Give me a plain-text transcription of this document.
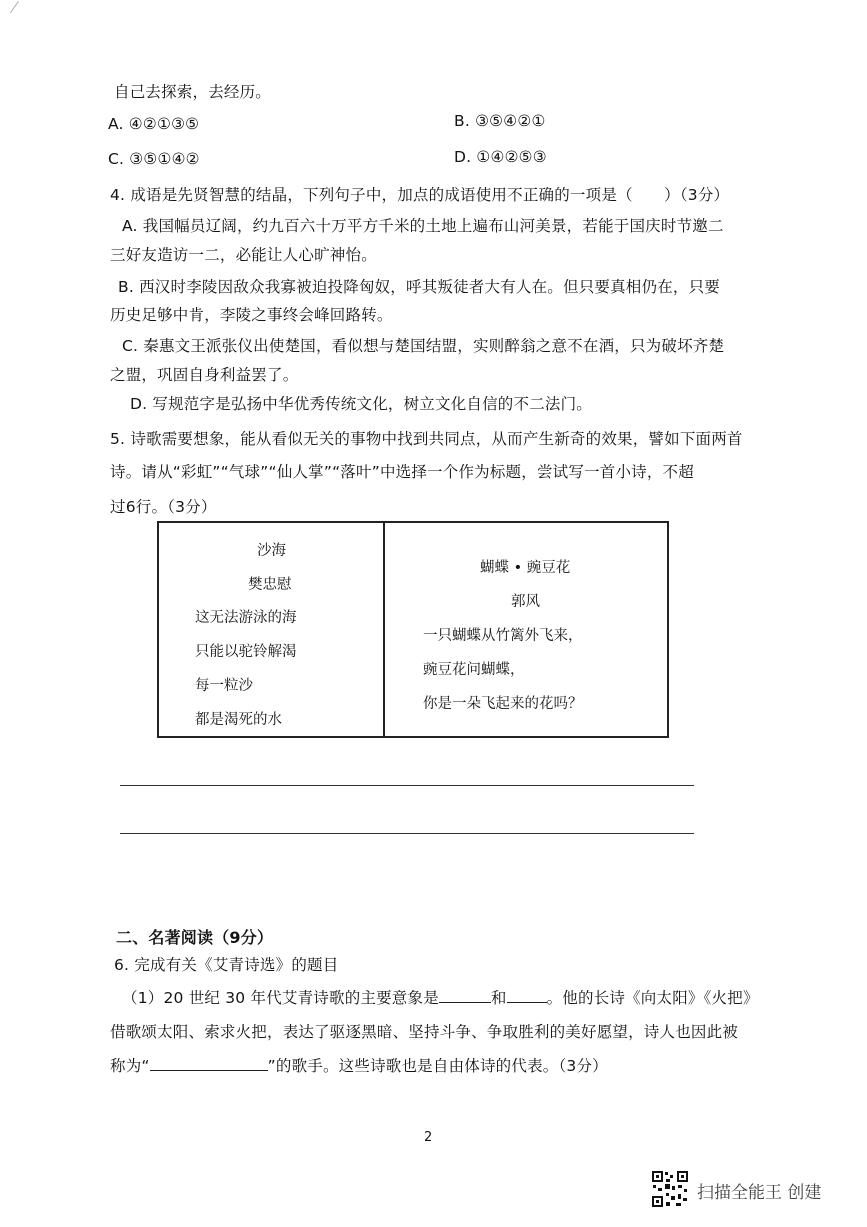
自己去探索，去经历。
A. ④②①③⑤	B. ③⑤④②①
C. ③⑤①④②	D. ①④②⑤③
4. 成语是先贤智慧的结晶，下列句子中，加点的成语使用不正确的一项是（　　）（3分）
A. 我国幅员辽阔，约九百六十万平方千米的土地上遍布山河美景，若能于国庆时节邀二
三好友造访一二，必能让人心旷神怡。
B. 西汉时李陵因敌众我寡被迫投降匈奴，呼其叛徒者大有人在。但只要真相仍在，只要
历史足够中肯，李陵之事终会峰回路转。
C. 秦惠文王派张仪出使楚国，看似想与楚国结盟，实则醉翁之意不在酒，只为破坏齐楚
之盟，巩固自身利益罢了。
D. 写规范字是弘扬中华优秀传统文化，树立文化自信的不二法门。
5. 诗歌需要想象，能从看似无关的事物中找到共同点，从而产生新奇的效果，譬如下面两首
诗。请从“彩虹”“气球”“仙人掌”“落叶”中选择一个作为标题，尝试写一首小诗，不超
过6行。（3分）
沙海
樊忠慰
这无法游泳的海
只能以驼铃解渴
每一粒沙
都是渴死的水
蝴蝶 • 豌豆花
郭风
一只蝴蝶从竹篱外飞来，
豌豆花问蝴蝶，
你是一朵飞起来的花吗？
二、名著阅读（9分）
6. 完成有关《艾青诗选》的题目
（1）20 世纪 30 年代艾青诗歌的主要意象是	和	。他的长诗《向太阳》《火把》
借歌颂太阳、索求火把，表达了驱逐黑暗、坚持斗争、争取胜利的美好愿望，诗人也因此被
称为“	”的歌手。这些诗歌也是自由体诗的代表。（3分）
2
扫描全能王 创建
